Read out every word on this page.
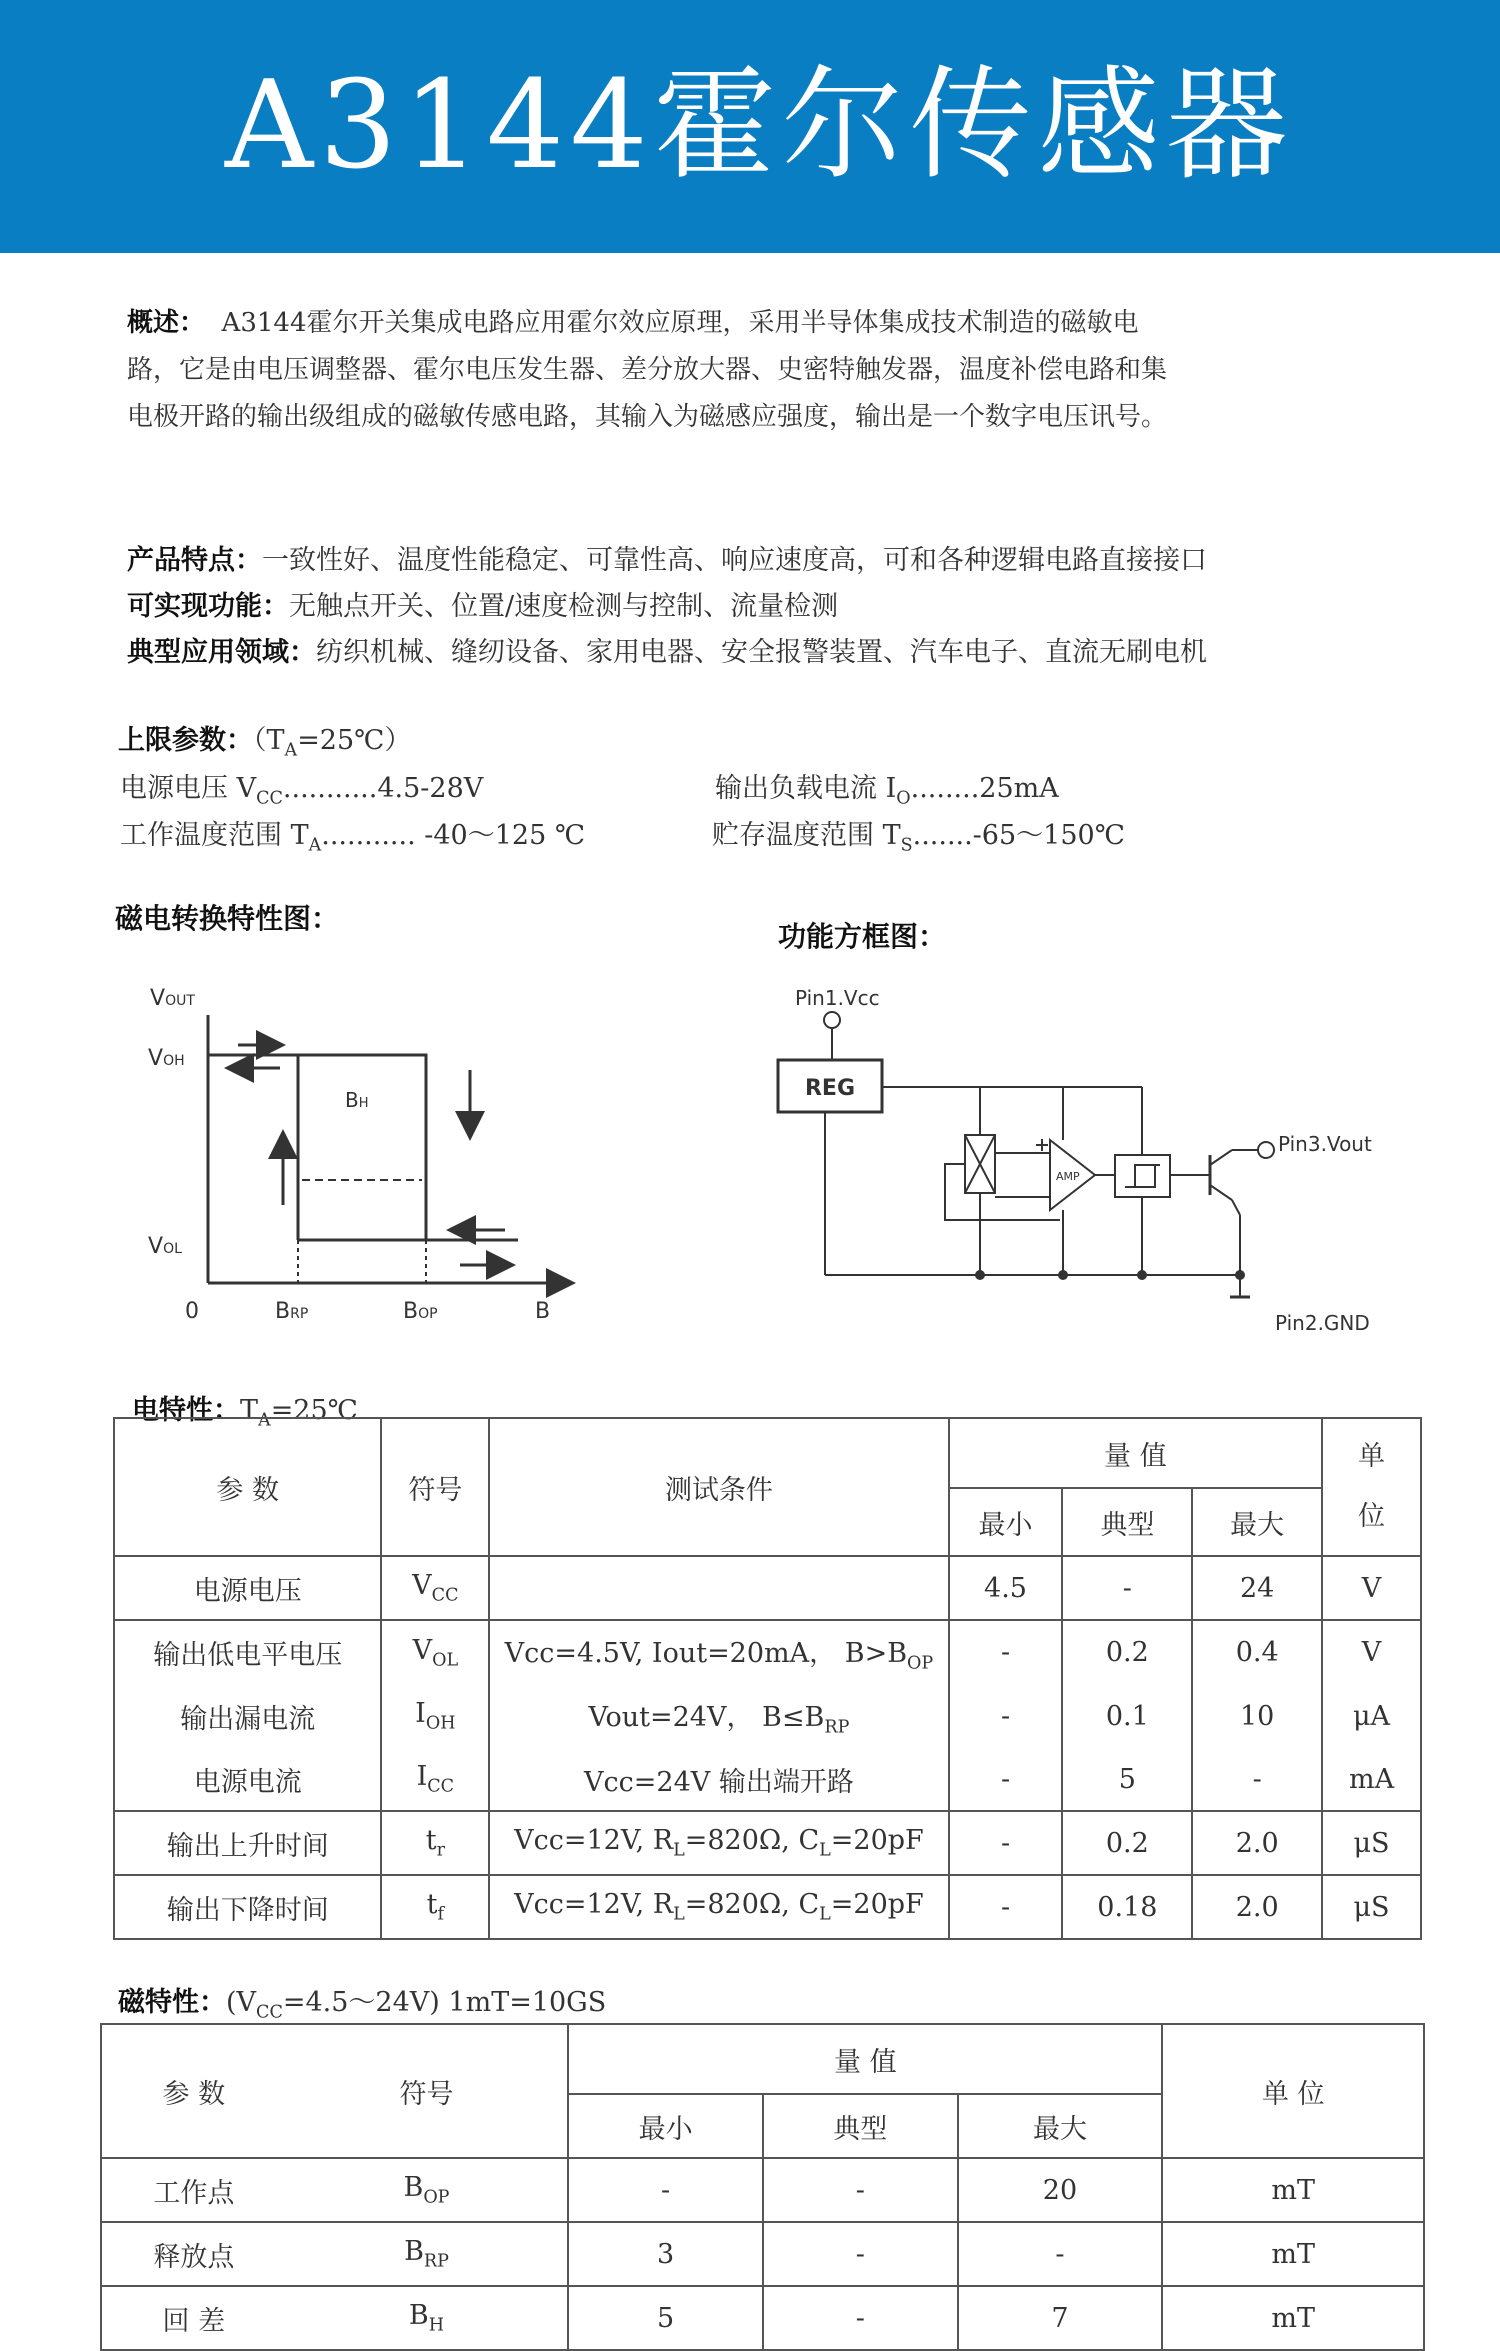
A3144霍尔传感器
概述： A3144霍尔开关集成电路应用霍尔效应原理，采用半导体集成技术制造的磁敏电路，它是由电压调整器、霍尔电压发生器、差分放大器、史密特触发器，温度补偿电路和集电极开路的输出级组成的磁敏传感电路，其输入为磁感应强度，输出是一个数字电压讯号。
产品特点：一致性好、温度性能稳定、可靠性高、响应速度高，可和各种逻辑电路直接接口
可实现功能：无触点开关、位置/速度检测与控制、流量检测
典型应用领域：纺织机械、缝纫设备、家用电器、安全报警装置、汽车电子、直流无刷电机
上限参数：$(T_A=25℃)$
电源电压 $V_{CC}...........4.5-28V$	输出负载电流 $I_O........25mA$
工作温度范围 $T_A$........... -40～125 ℃	贮存温度范围 $T_S.......-65\sim 150℃$
磁电转换特性图：
功能方框图：
VOUT
VOH
VOL
BH
0	BRP	BOP	B
Pin1.Vcc
REG
AMP
Pin3.Vout
Pin2.GND
电特性：$T_A=25℃$
参 数	符号	测试条件	量 值			单
位
			最小	典型	最大	
电源电压	$V_{CC}$		4.5	-	24	V
输出低电平电压	$V_{OL}$	Vcc=4.5V, Iout=20mA， $B>B_{OP}$	-	0.2	0.4	V
输出漏电流	$I_{OH}$	Vout=24V， $B\le B_{RP}$	-	0.1	10	μA
电源电流	$I_{CC}$	Vcc=24V 输出端开路	-	5	-	mA
输出上升时间	$t_r$	Vcc=12V, $R_L=820\Omega$, $C_L=20pF$	-	0.2	2.0	μS
输出下降时间	$t_f$	Vcc=12V, $R_L=820\Omega$, $C_L=20pF$	-	0.18	2.0	μS
磁特性：$(V_{CC}=4.5\sim 24V)$ 1mT=10GS
参 数	符号	量 值			单 位
		最小	典型	最大	
工作点	$B_{OP}$	-	-	20	mT
释放点	$B_{RP}$	3	-	-	mT
回 差	$B_H$	5	-	7	mT
